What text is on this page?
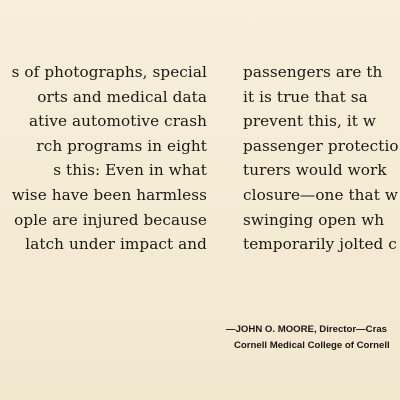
s of photographs, special
orts and medical data
ative automotive crash
rch programs in eight
s this: Even in what
wise have been harmless
ople are injured because
latch under impact and
passengers are th
it is true that sa
prevent this, it w
passenger protectio
turers would work
closure—one that w
swinging open wh
temporarily jolted c
—JOHN O. MOORE, Director—Cras
Cornell Medical College of Cornell
